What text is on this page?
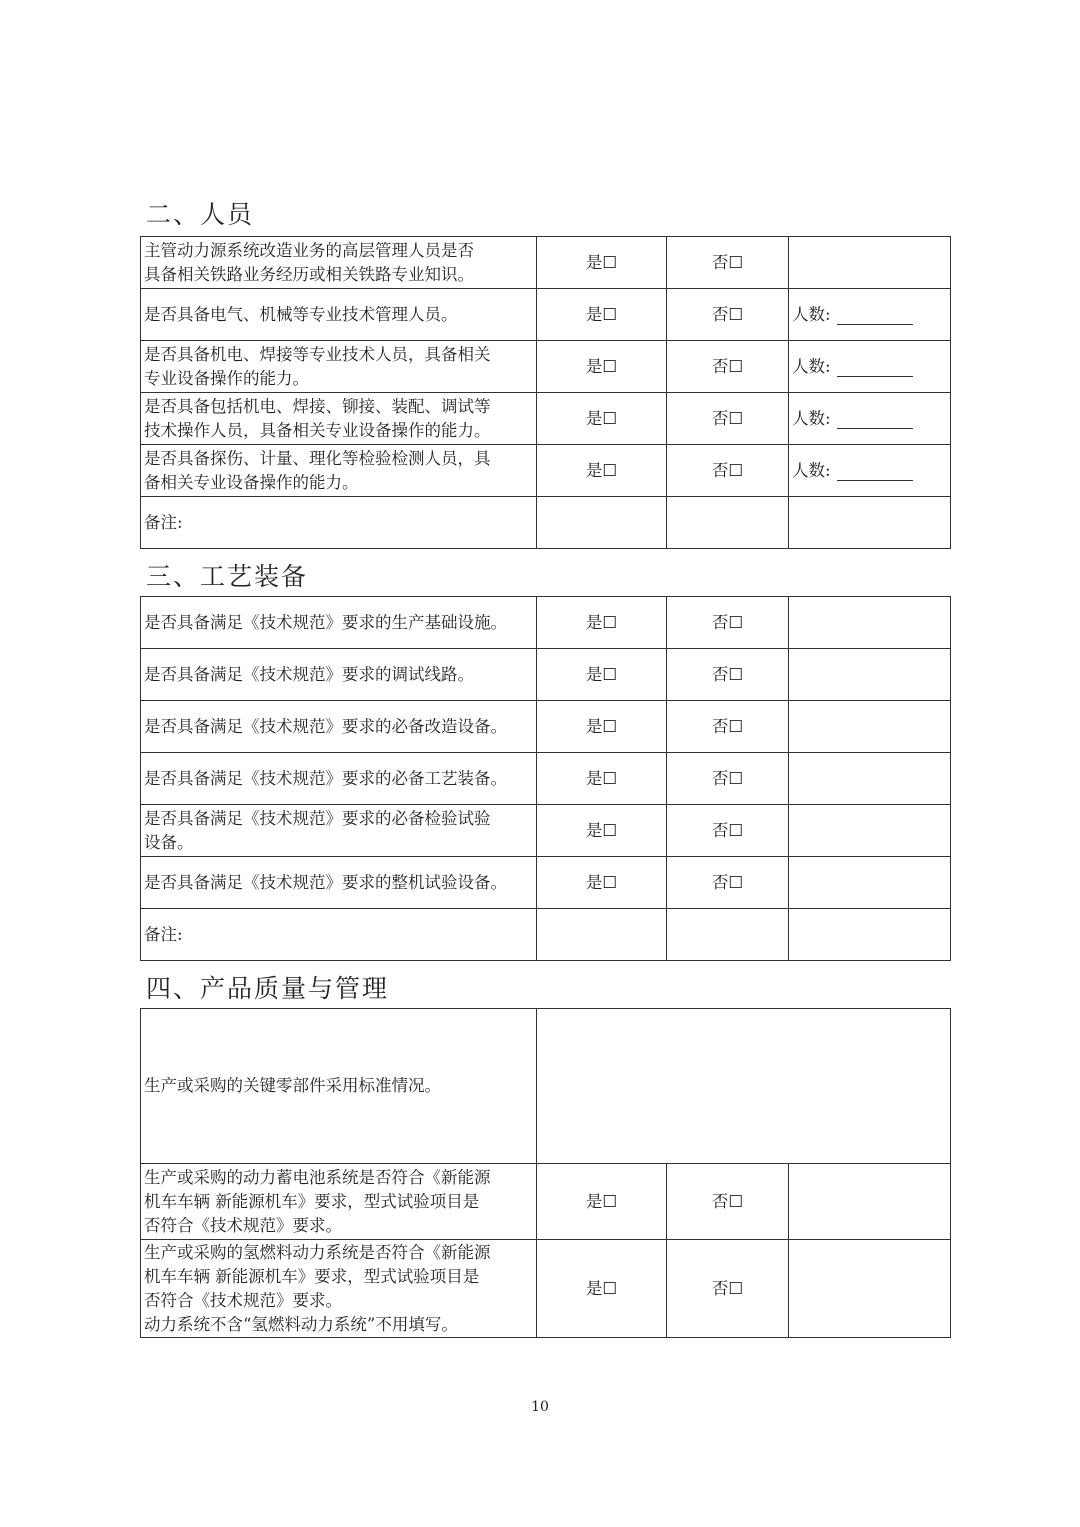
二、人员
主管动力源系统改造业务的高层管理人员是否
具备相关铁路业务经历或相关铁路专业知识。	是☐	否☐	
是否具备电气、机械等专业技术管理人员。	是☐	否☐	人数:
是否具备机电、焊接等专业技术人员，具备相关
专业设备操作的能力。	是☐	否☐	人数:
是否具备包括机电、焊接、铆接、装配、调试等
技术操作人员，具备相关专业设备操作的能力。	是☐	否☐	人数:
是否具备探伤、计量、理化等检验检测人员，具
备相关专业设备操作的能力。	是☐	否☐	人数:
备注:			
三、工艺装备
是否具备满足《技术规范》要求的生产基础设施。	是☐	否☐	
是否具备满足《技术规范》要求的调试线路。	是☐	否☐	
是否具备满足《技术规范》要求的必备改造设备。	是☐	否☐	
是否具备满足《技术规范》要求的必备工艺装备。	是☐	否☐	
是否具备满足《技术规范》要求的必备检验试验
设备。	是☐	否☐	
是否具备满足《技术规范》要求的整机试验设备。	是☐	否☐	
备注:			
四、产品质量与管理
生产或采购的关键零部件采用标准情况。			
生产或采购的动力蓄电池系统是否符合《新能源
机车车辆 新能源机车》要求，型式试验项目是
否符合《技术规范》要求。	是☐	否☐	
生产或采购的氢燃料动力系统是否符合《新能源
机车车辆 新能源机车》要求，型式试验项目是
否符合《技术规范》要求。
动力系统不含“氢燃料动力系统”不用填写。	是☐	否☐	
10
